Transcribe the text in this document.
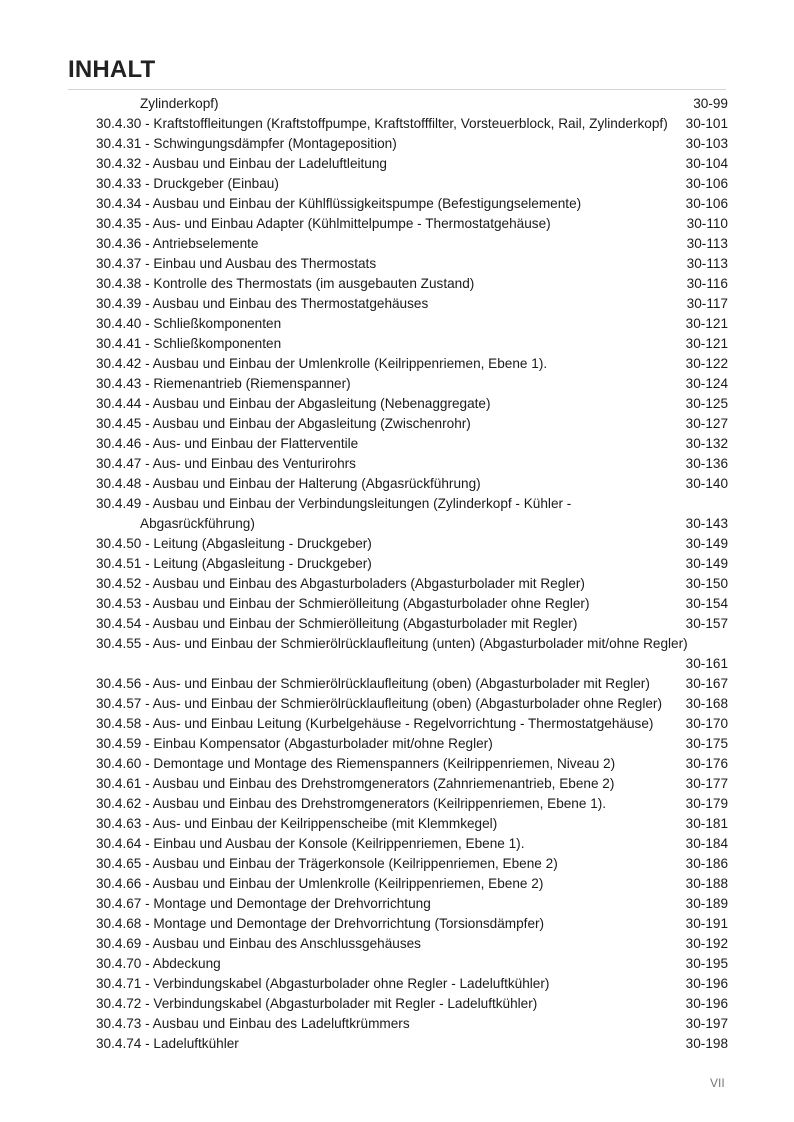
INHALT
Zylinderkopf)	30-99
30.4.30 - Kraftstoffleitungen (Kraftstoffpumpe, Kraftstofffilter, Vorsteuerblock, Rail, Zylinderkopf) 30-101
30.4.31 - Schwingungsdämpfer (Montageposition)	30-103
30.4.32 - Ausbau und Einbau der Ladeluftleitung	30-104
30.4.33 - Druckgeber (Einbau)	30-106
30.4.34 - Ausbau und Einbau der Kühlflüssigkeitspumpe (Befestigungselemente)	30-106
30.4.35 - Aus- und Einbau Adapter (Kühlmittelpumpe - Thermostatgehäuse)	30-110
30.4.36 - Antriebselemente	30-113
30.4.37 - Einbau und Ausbau des Thermostats	30-113
30.4.38 - Kontrolle des Thermostats (im ausgebauten Zustand)	30-116
30.4.39 - Ausbau und Einbau des Thermostatgehäuses	30-117
30.4.40 - Schließkomponenten	30-121
30.4.41 - Schließkomponenten	30-121
30.4.42 - Ausbau und Einbau der Umlenkrolle (Keilrippenriemen, Ebene 1).	30-122
30.4.43 - Riemenantrieb (Riemenspanner)	30-124
30.4.44 - Ausbau und Einbau der Abgasleitung (Nebenaggregate)	30-125
30.4.45 - Ausbau und Einbau der Abgasleitung (Zwischenrohr)	30-127
30.4.46 - Aus- und Einbau der Flatterventile	30-132
30.4.47 - Aus- und Einbau des Venturirohrs	30-136
30.4.48 - Ausbau und Einbau der Halterung (Abgasrückführung)	30-140
30.4.49 - Ausbau und Einbau der Verbindungsleitungen (Zylinderkopf - Kühler -
Abgasrückführung)	30-143
30.4.50 - Leitung (Abgasleitung - Druckgeber)	30-149
30.4.51 - Leitung (Abgasleitung - Druckgeber)	30-149
30.4.52 - Ausbau und Einbau des Abgasturboladers (Abgasturbolader mit Regler)	30-150
30.4.53 - Ausbau und Einbau der Schmierölleitung (Abgasturbolader ohne Regler)	30-154
30.4.54 - Ausbau und Einbau der Schmierölleitung (Abgasturbolader mit Regler)	30-157
30.4.55 - Aus- und Einbau der Schmierölrücklaufleitung (unten) (Abgasturbolader mit/ohne Regler)
30-161
30.4.56 - Aus- und Einbau der Schmierölrücklaufleitung (oben) (Abgasturbolader mit Regler)	30-167
30.4.57 - Aus- und Einbau der Schmierölrücklaufleitung (oben) (Abgasturbolader ohne Regler) 30-168
30.4.58 - Aus- und Einbau Leitung (Kurbelgehäuse - Regelvorrichtung - Thermostatgehäuse) 30-170
30.4.59 - Einbau Kompensator (Abgasturbolader mit/ohne Regler)	30-175
30.4.60 - Demontage und Montage des Riemenspanners (Keilrippenriemen, Niveau 2)	30-176
30.4.61 - Ausbau und Einbau des Drehstromgenerators (Zahnriemenantrieb, Ebene 2)	30-177
30.4.62 - Ausbau und Einbau des Drehstromgenerators (Keilrippenriemen, Ebene 1).	30-179
30.4.63 - Aus- und Einbau der Keilrippenscheibe (mit Klemmkegel)	30-181
30.4.64 - Einbau und Ausbau der Konsole (Keilrippenriemen, Ebene 1).	30-184
30.4.65 - Ausbau und Einbau der Trägerkonsole (Keilrippenriemen, Ebene 2)	30-186
30.4.66 - Ausbau und Einbau der Umlenkrolle (Keilrippenriemen, Ebene 2)	30-188
30.4.67 - Montage und Demontage der Drehvorrichtung	30-189
30.4.68 - Montage und Demontage der Drehvorrichtung (Torsionsdämpfer)	30-191
30.4.69 - Ausbau und Einbau des Anschlussgehäuses	30-192
30.4.70 - Abdeckung	30-195
30.4.71 - Verbindungskabel (Abgasturbolader ohne Regler - Ladeluftkühler)	30-196
30.4.72 - Verbindungskabel (Abgasturbolader mit Regler - Ladeluftkühler)	30-196
30.4.73 - Ausbau und Einbau des Ladeluftkrümmers	30-197
30.4.74 - Ladeluftkühler	30-198
VII
